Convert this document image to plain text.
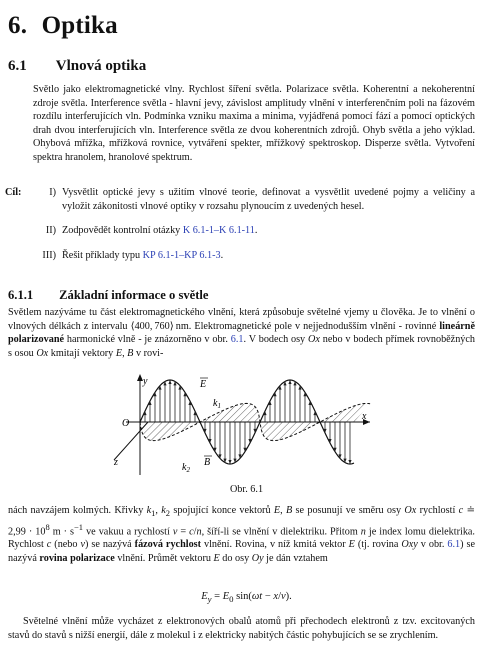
6. Optika
6.1 Vlnová optika
Světlo jako elektromagnetické vlny. Rychlost šíření světla. Polarizace světla. Koherentní a nekoherentní zdroje světla. Interference světla - hlavní jevy, závislost amplitudy vlnění v interferenčním poli na fázovém rozdílu interferujících vln. Podmínka vzniku maxima a minima, vyjádřená pomocí fází a pomocí optických drah dvou interferujících vln. Interference světla ze dvou koherentních zdrojů. Ohyb světla a jeho výklad. Ohybová mřížka, mřížková rovnice, vytváření spekter, mřížkový spektroskop. Disperze světla. Vytvoření spektra hranolem, hranolové spektrum.
Cíl:	I) Vysvětlit optické jevy s užitím vlnové teorie, definovat a vysvětlit uvedené pojmy a veličiny a vyložit zákonitosti vlnové optiky v rozsahu plynoucím z uvedených hesel.
II) Zodpovědět kontrolní otázky K 6.1-1–K 6.1-11.
III) Řešit příklady typu KP 6.1-1–KP 6.1-3.
6.1.1 Základní informace o světle
Světlem nazýváme tu část elektromagnetického vlnění, která způsobuje světelné vjemy u člověka. Je to vlnění o vlnových délkách z intervalu ⟨400, 760⟩ nm. Elektromagnetické pole v nejjednodušším vlnění - rovinné lineárně polarizované harmonické vlně - je znázorněno v obr. 6.1. V bodech osy Ox nebo v bodech přímek rovnoběžných s osou Ox kmitají vektory E, B v rovi-
y
x
z
O
E
B
$k_1$
$k_2$
Obr. 6.1
nách navzájem kolmých. Křivky $k_1$, $k_2$ spojující konce vektorů E, B se posunují ve směru osy Ox rychlostí c ≐ $2,99 \cdot 10^8$ $m \cdot s^{-1}$ ve vakuu a rychlostí v = c/n, šíří-li se vlnění v dielektriku. Přitom n je index lomu dielektrika. Rychlost c (nebo v) se nazývá fázová rychlost vlnění. Rovina, v níž kmitá vektor E (tj. rovina Oxy v obr. 6.1) se nazývá rovina polarizace vlnění. Průmět vektoru E do osy Oy je dán vztahem
$E_y = E_0$ sin(ωt − x/v).
Světelné vlnění může vycházet z elektronových obalů atomů při přechodech elektronů z tzv. excitovaných stavů do stavů s nižší energií, dále z molekul i z elektricky nabitých částic pohybujících se se zrychlením.
